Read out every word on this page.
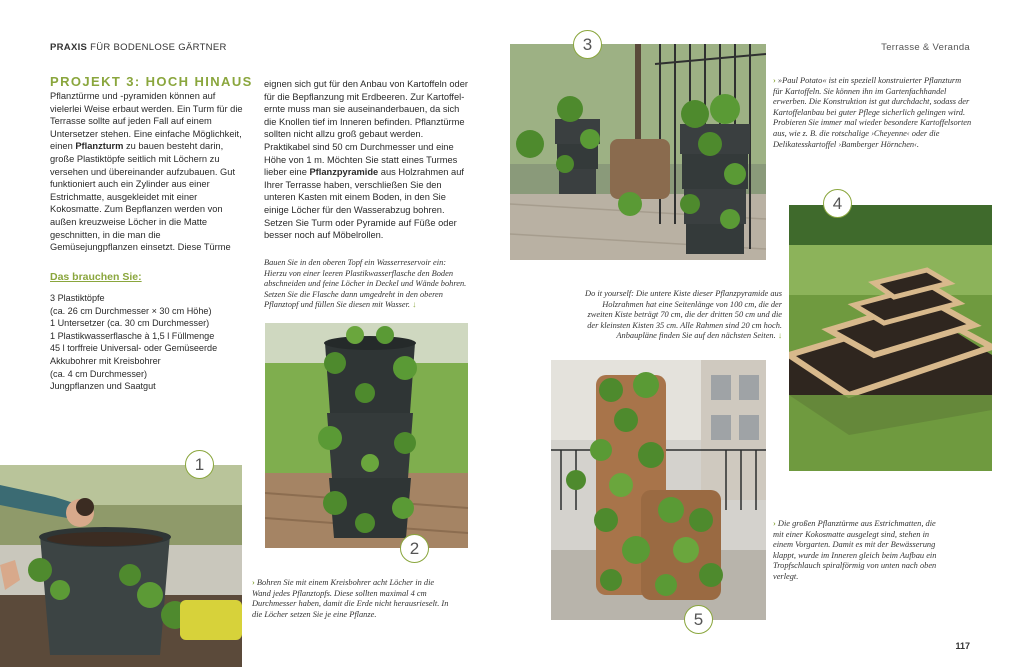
PRAXIS FÜR BODENLOSE GÄRTNER	Terrasse & Veranda
PROJEKT 3: HOCH HINAUS
Pflanztürme und -pyramiden können auf vielerlei Weise erbaut werden. Ein Turm für die Terrasse sollte auf jeden Fall auf einem Untersetzer stehen. Eine einfache Möglichkeit, einen Pflanzturm zu bauen besteht darin, große Plastiktöpfe seitlich mit Löchern zu versehen und übereinander aufzubauen. Gut funktioniert auch ein Zylinder aus einer Estrichmatte, ausgekleidet mit einer Kokosmatte. Zum Bepflanzen werden von außen kreuzweise Löcher in die Matte geschnitten, in die man die Gemüsejungpflanzen einsetzt. Diese Türme
eignen sich gut für den Anbau von Kartoffeln oder für die Bepflanzung mit Erdbeeren. Zur Kartoffelernte muss man sie auseinanderbauen, da sich die Knollen tief im Inneren befinden. Pflanztürme sollten nicht allzu groß gebaut werden. Praktikabel sind 50 cm Durchmesser und eine Höhe von 1 m. Möchten Sie statt eines Turmes lieber eine Pflanzpyramide aus Holzrahmen auf Ihrer Terrasse haben, verschließen Sie den unteren Kasten mit einem Boden, in den Sie einige Löcher für den Wasserabzug bohren. Setzen Sie Turm oder Pyramide auf Füße oder besser noch auf Möbelrollen.
Das brauchen Sie:
3 Plastiktöpfe
(ca. 26 cm Durchmesser × 30 cm Höhe)
1 Untersetzer (ca. 30 cm Durchmesser)
1 Plastikwasserflasche à 1,5 l Füllmenge
45 l torffreie Universal- oder Gemüseerde
Akkubohrer mit Kreisbohrer
(ca. 4 cm Durchmesser)
Jungpflanzen und Saatgut
Bauen Sie in den oberen Topf ein Wasserreservoir ein: Hierzu von einer leeren Plastikwasserflasche den Boden abschneiden und feine Löcher in Deckel und Wände bohren. Setzen Sie die Flasche dann umgedreht in den oberen Pflanztopf und füllen Sie diesen mit Wasser. ↓
› Bohren Sie mit einem Kreisbohrer acht Löcher in die Wand jedes Pflanztopfs. Diese sollten maximal 4 cm Durchmesser haben, damit die Erde nicht herausrieselt. In die Löcher setzen Sie je eine Pflanze.
› »Paul Potato« ist ein speziell konstruierter Pflanzturm für Kartoffeln. Sie können ihn im Gartenfachhandel erwerben. Die Konstruktion ist gut durchdacht, sodass der Kartoffelanbau bei guter Pflege sicherlich gelingen wird. Probieren Sie immer mal wieder besondere Kartoffelsorten aus, wie z. B. die rotschalige ›Cheyenne‹ oder die Delikatesskartoffel ›Bamberger Hörnchen‹.
Do it yourself: Die untere Kiste dieser Pflanzpyramide aus Holzrahmen hat eine Seitenlänge von 100 cm, die der zweiten Kiste beträgt 70 cm, die der dritten 50 cm und die der kleinsten Kisten 35 cm. Alle Rahmen sind 20 cm hoch. Anbaupläne finden Sie auf den nächsten Seiten. ↓
› Die großen Pflanztürme aus Estrichmatten, die mit einer Kokosmatte ausgelegt sind, stehen in einem Vorgarten. Damit es mit der Bewässerung klappt, wurde im Inneren gleich beim Aufbau ein Tropfschlauch spiralförmig von unten nach oben verlegt.
1
2
3
4
5
117
